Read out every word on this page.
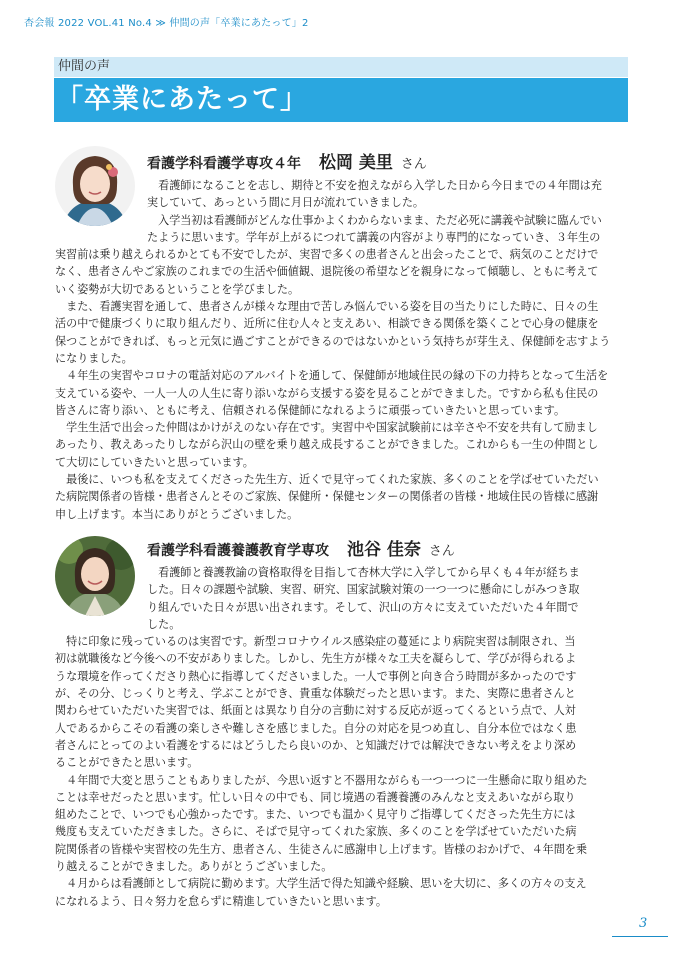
杏会報 2022 VOL.41 No.4 ≫ 仲間の声「卒業にあたって」2
仲間の声
「卒業にあたって」
看護学科看護学専攻４年 松岡 美里 さん
　看護師になることを志し、期待と不安を抱えながら入学した日から今日までの４年間は充
実していて、あっという間に月日が流れていきました。
　入学当初は看護師がどんな仕事かよくわからないまま、ただ必死に講義や試験に臨んでい
たように思います。学年が上がるにつれて講義の内容がより専門的になっていき、３年生の
実習前は乗り越えられるかとても不安でしたが、実習で多くの患者さんと出会ったことで、病気のことだけで
なく、患者さんやご家族のこれまでの生活や価値観、退院後の希望などを親身になって傾聴し、ともに考えて
いく姿勢が大切であるということを学びました。
　また、看護実習を通して、患者さんが様々な理由で苦しみ悩んでいる姿を目の当たりにした時に、日々の生
活の中で健康づくりに取り組んだり、近所に住む人々と支えあい、相談できる関係を築くことで心身の健康を
保つことができれば、もっと元気に過ごすことができるのではないかという気持ちが芽生え、保健師を志すよう
になりました。
　４年生の実習やコロナの電話対応のアルバイトを通して、保健師が地域住民の縁の下の力持ちとなって生活を
支えている姿や、一人一人の人生に寄り添いながら支援する姿を見ることができました。ですから私も住民の
皆さんに寄り添い、ともに考え、信頼される保健師になれるように頑張っていきたいと思っています。
　学生生活で出会った仲間はかけがえのない存在です。実習中や国家試験前には辛さや不安を共有して励まし
あったり、教えあったりしながら沢山の壁を乗り越え成長することができました。これからも一生の仲間とし
て大切にしていきたいと思っています。
　最後に、いつも私を支えてくださった先生方、近くで見守ってくれた家族、多くのことを学ばせていただい
た病院関係者の皆様・患者さんとそのご家族、保健所・保健センターの関係者の皆様・地域住民の皆様に感謝
申し上げます。本当にありがとうございました。
看護学科看護養護教育学専攻 池谷 佳奈 さん
　看護師と養護教諭の資格取得を目指して杏林大学に入学してから早くも４年が経ちま
した。日々の課題や試験、実習、研究、国家試験対策の一つ一つに懸命にしがみつき取
り組んでいた日々が思い出されます。そして、沢山の方々に支えていただいた４年間で
した。
　特に印象に残っているのは実習です。新型コロナウイルス感染症の蔓延により病院実習は制限され、当
初は就職後など今後への不安がありました。しかし、先生方が様々な工夫を凝らして、学びが得られるよ
うな環境を作ってくださり熱心に指導してくださいました。一人で事例と向き合う時間が多かったのです
が、その分、じっくりと考え、学ぶことができ、貴重な体験だったと思います。また、実際に患者さんと
関わらせていただいた実習では、紙面とは異なり自分の言動に対する反応が返ってくるという点で、人対
人であるからこその看護の楽しさや難しさを感じました。自分の対応を見つめ直し、自分本位ではなく患
者さんにとってのよい看護をするにはどうしたら良いのか、と知識だけでは解決できない考えをより深め
ることができたと思います。
　４年間で大変と思うこともありましたが、今思い返すと不器用ながらも一つ一つに一生懸命に取り組めた
ことは幸せだったと思います。忙しい日々の中でも、同じ境遇の看護養護のみんなと支えあいながら取り
組めたことで、いつでも心強かったです。また、いつでも温かく見守りご指導してくださった先生方には
幾度も支えていただきました。さらに、そばで見守ってくれた家族、多くのことを学ばせていただいた病
院関係者の皆様や実習校の先生方、患者さん、生徒さんに感謝申し上げます。皆様のおかげで、４年間を乗
り越えることができました。ありがとうございました。
　４月からは看護師として病院に勤めます。大学生活で得た知識や経験、思いを大切に、多くの方々の支え
になれるよう、日々努力を怠らずに精進していきたいと思います。
3
